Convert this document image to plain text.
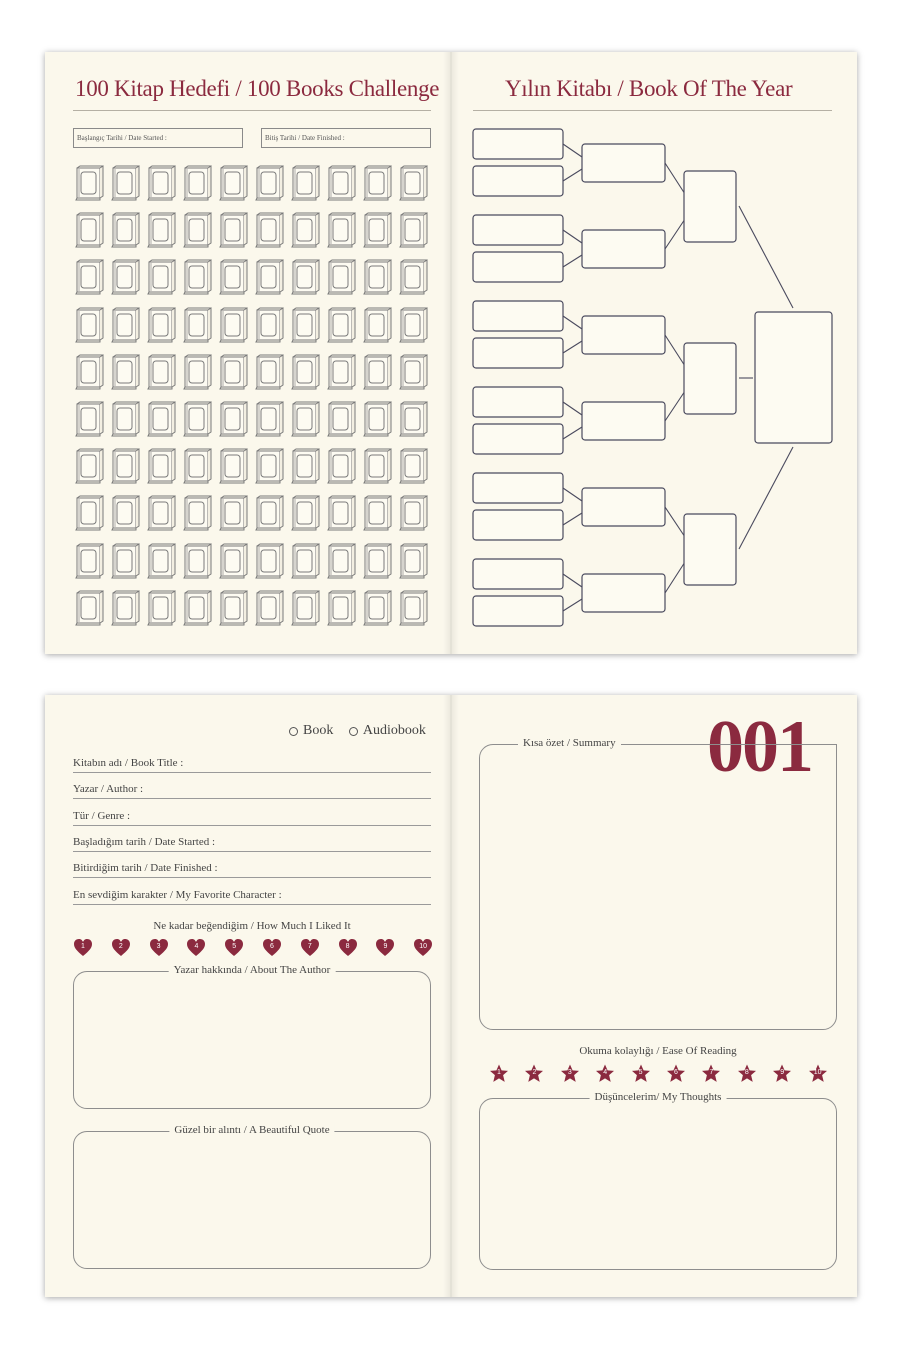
100 Kitap Hedefi / 100 Books Challenge
Başlangıç Tarihi / Date Started :	Bitiş Tarihi / Date Finished :
Yılın Kitabı / Book Of The Year
Book
Audiobook
Kitabın adı / Book Title :
Yazar / Author :
Tür / Genre :
Başladığım tarih / Date Started :
Bitirdiğim tarih / Date Finished :
En sevdiğim karakter / My Favorite Character :
Ne kadar beğendiğim / How Much I Liked It
1	2	3	4	5	6	7	8	9	10
Yazar hakkında / About The Author
Güzel bir alıntı / A Beautiful Quote
001
Kısa özet / Summary
Okuma kolaylığı / Ease Of Reading
1	2	3	4	5	6	7	8	9	10
Düşüncelerim/ My Thoughts
